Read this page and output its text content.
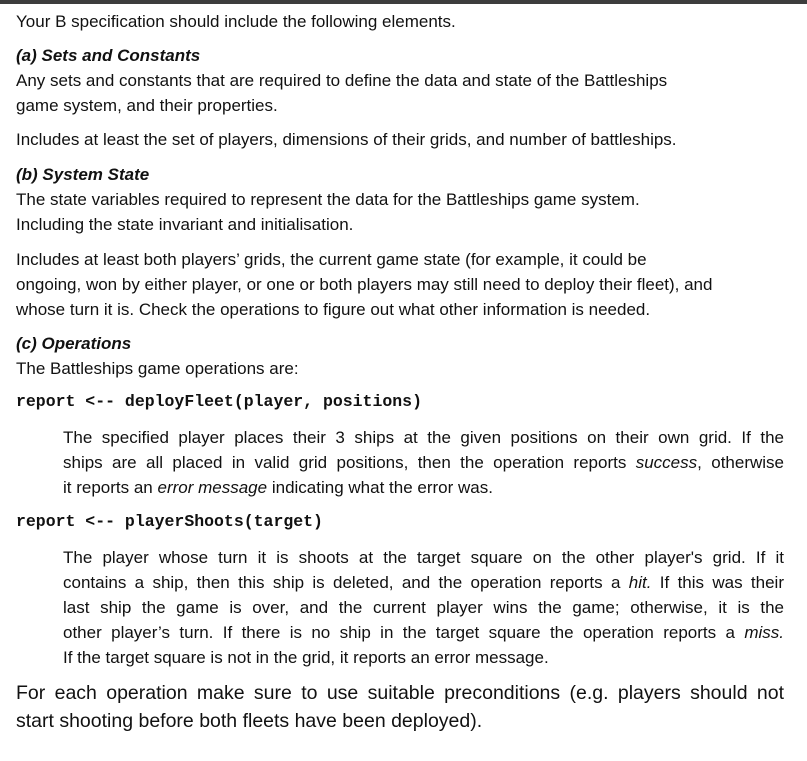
Your B specification should include the following elements.
(a) Sets and Constants
Any sets and constants that are required to define the data and state of the Battleships
game system, and their properties.
Includes at least the set of players, dimensions of their grids, and number of battleships.
(b) System State
The state variables required to represent the data for the Battleships game system.
Including the state invariant and initialisation.
Includes at least both players’ grids, the current game state (for example, it could be
ongoing, won by either player, or one or both players may still need to deploy their fleet), and
whose turn it is. Check the operations to figure out what other information is needed.
(c) Operations
The Battleships game operations are:
report <-- deployFleet(player, positions)
The specified player places their 3 ships at the given positions on their own grid. If the
ships are all placed in valid grid positions, then the operation reports success, otherwise
it reports an error message indicating what the error was.
report <-- playerShoots(target)
The player whose turn it is shoots at the target square on the other player's grid. If it
contains a ship, then this ship is deleted, and the operation reports a hit. If this was their
last ship the game is over, and the current player wins the game; otherwise, it is the
other player’s turn. If there is no ship in the target square the operation reports a miss.
If the target square is not in the grid, it reports an error message.
For each operation make sure to use suitable preconditions (e.g. players should not
start shooting before both fleets have been deployed).
